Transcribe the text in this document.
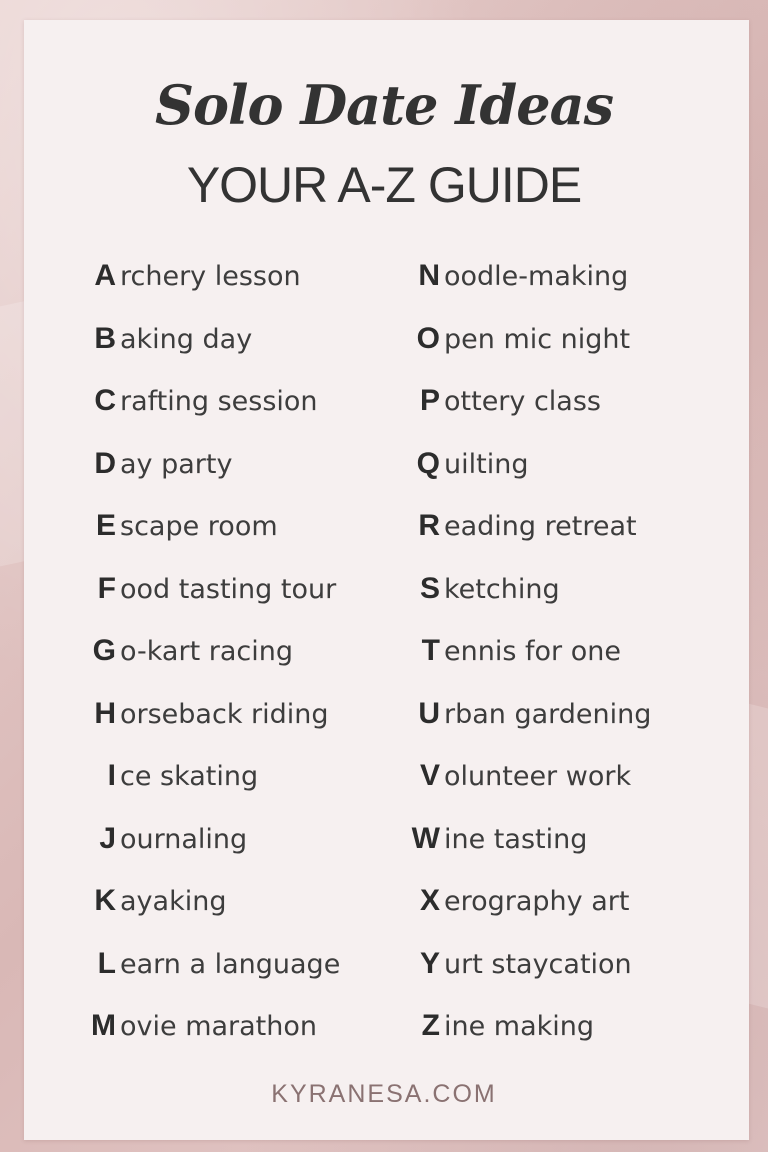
Solo Date Ideas
YOUR A-Z GUIDE
A rchery lesson
B aking day
C rafting session
D ay party
E scape room
F ood tasting tour
G o-kart racing
H orseback riding
I ce skating
J ournaling
K ayaking
L earn a language
M ovie marathon
N oodle-making
O pen mic night
P ottery class
Q uilting
R eading retreat
S ketching
T ennis for one
U rban gardening
V olunteer work
W ine tasting
X erography art
Y urt staycation
Z ine making
KYRANESA.COM
